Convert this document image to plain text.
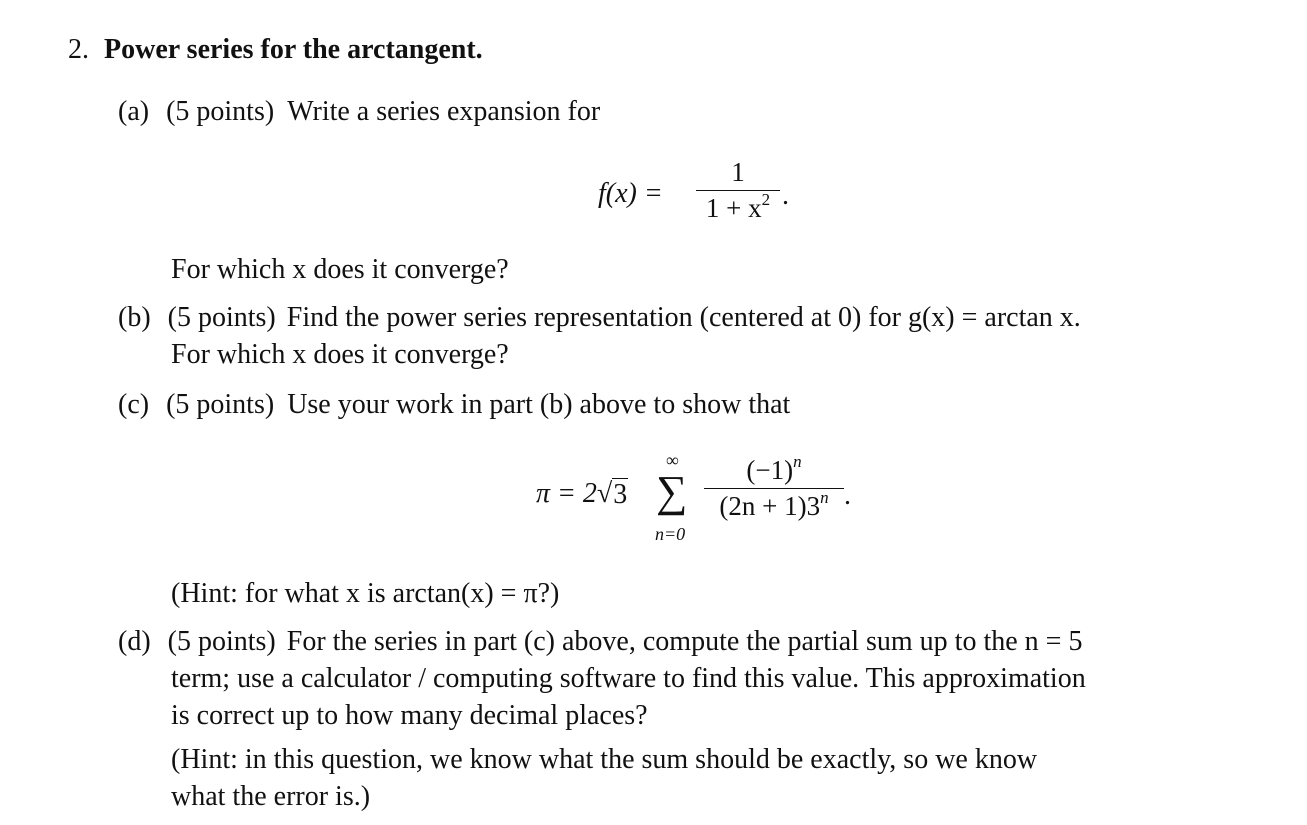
2. Power series for the arctangent.
(a) (5 points) Write a series expansion for
f(x) =
1
$1 + x^2$ .
For which x does it converge?
(b) (5 points) Find the power series representation (centered at 0) for g(x) = arctan x.
For which x does it converge?
(c) (5 points) Use your work in part (b) above to show that
π = 2√3
∞
∑
n=0
$(-1)^n$
$(2n + 1)3^n$ .
(Hint: for what x is arctan(x) = π?)
(d) (5 points) For the series in part (c) above, compute the partial sum up to the n = 5
term; use a calculator / computing software to find this value. This approximation
is correct up to how many decimal places?
(Hint: in this question, we know what the sum should be exactly, so we know
what the error is.)
